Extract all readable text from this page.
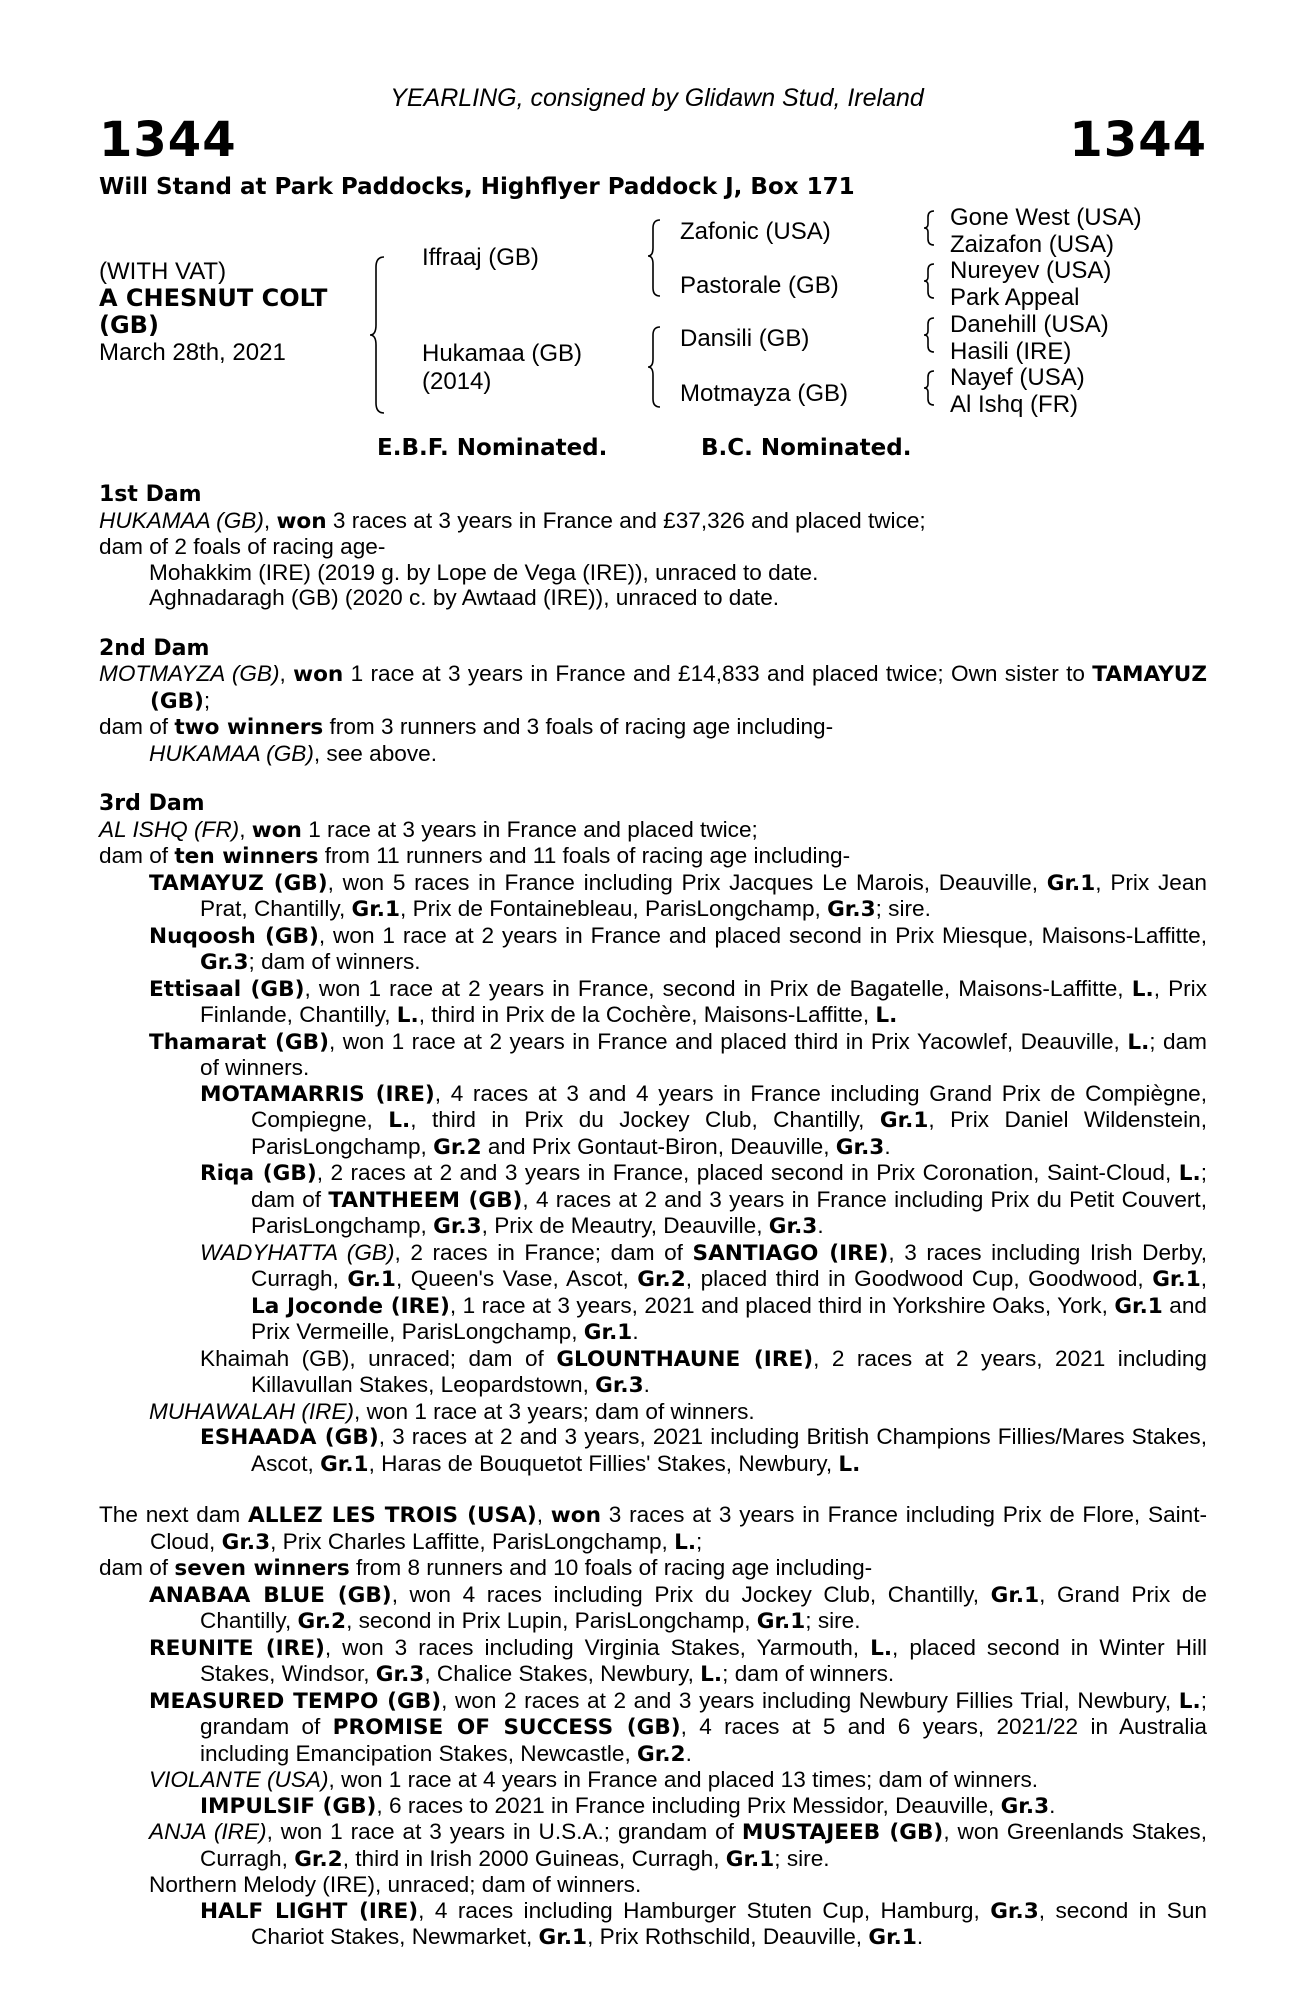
YEARLING, consigned by Glidawn Stud, Ireland
1344	1344
Will Stand at Park Paddocks, Highflyer Paddock J, Box 171
(WITH VAT)
A CHESNUT COLT
(GB)
March 28th, 2021
Iffraaj (GB)
Hukamaa (GB)
(2014)
Zafonic (USA)
Pastorale (GB)
Dansili (GB)
Motmayza (GB)
Gone West (USA)
Zaizafon (USA)
Nureyev (USA)
Park Appeal
Danehill (USA)
Hasili (IRE)
Nayef (USA)
Al Ishq (FR)
E.B.F. Nominated.	B.C. Nominated.

1st Dam

HUKAMAA (GB), won 3 races at 3 years in France and £37,326 and placed twice;

dam of 2 foals of racing age-

Mohakkim (IRE) (2019 g. by Lope de Vega (IRE)), unraced to date.

Aghnadaragh (GB) (2020 c. by Awtaad (IRE)), unraced to date.

2nd Dam

MOTMAYZA (GB), won 1 race at 3 years in France and £14,833 and placed twice; Own sister to TAMAYUZ (GB);

dam of two winners from 3 runners and 3 foals of racing age including-

HUKAMAA (GB), see above.

3rd Dam

AL ISHQ (FR), won 1 race at 3 years in France and placed twice;

dam of ten winners from 11 runners and 11 foals of racing age including-

TAMAYUZ (GB), won 5 races in France including Prix Jacques Le Marois, Deauville, Gr.1, Prix Jean Prat, Chantilly, Gr.1, Prix de Fontainebleau, ParisLongchamp, Gr.3; sire.

Nuqoosh (GB), won 1 race at 2 years in France and placed second in Prix Miesque, Maisons-Laffitte, Gr.3; dam of winners.

Ettisaal (GB), won 1 race at 2 years in France, second in Prix de Bagatelle, Maisons-Laffitte, L., Prix Finlande, Chantilly, L., third in Prix de la Cochère, Maisons-Laffitte, L.

Thamarat (GB), won 1 race at 2 years in France and placed third in Prix Yacowlef, Deauville, L.; dam of winners.

MOTAMARRIS (IRE), 4 races at 3 and 4 years in France including Grand Prix de Compiègne, Compiegne, L., third in Prix du Jockey Club, Chantilly, Gr.1, Prix Daniel Wildenstein, ParisLongchamp, Gr.2 and Prix Gontaut-Biron, Deauville, Gr.3.

Riqa (GB), 2 races at 2 and 3 years in France, placed second in Prix Coronation, Saint-Cloud, L.; dam of TANTHEEM (GB), 4 races at 2 and 3 years in France including Prix du Petit Couvert, ParisLongchamp, Gr.3, Prix de Meautry, Deauville, Gr.3.

WADYHATTA (GB), 2 races in France; dam of SANTIAGO (IRE), 3 races including Irish Derby, Curragh, Gr.1, Queen's Vase, Ascot, Gr.2, placed third in Goodwood Cup, Goodwood, Gr.1, La Joconde (IRE), 1 race at 3 years, 2021 and placed third in Yorkshire Oaks, York, Gr.1 and Prix Vermeille, ParisLongchamp, Gr.1.

Khaimah (GB), unraced; dam of GLOUNTHAUNE (IRE), 2 races at 2 years, 2021 including Killavullan Stakes, Leopardstown, Gr.3.

MUHAWALAH (IRE), won 1 race at 3 years; dam of winners.

ESHAADA (GB), 3 races at 2 and 3 years, 2021 including British Champions Fillies/Mares Stakes, Ascot, Gr.1, Haras de Bouquetot Fillies' Stakes, Newbury, L.

The next dam ALLEZ LES TROIS (USA), won 3 races at 3 years in France including Prix de Flore, Saint-Cloud, Gr.3, Prix Charles Laffitte, ParisLongchamp, L.;

dam of seven winners from 8 runners and 10 foals of racing age including-

ANABAA BLUE (GB), won 4 races including Prix du Jockey Club, Chantilly, Gr.1, Grand Prix de Chantilly, Gr.2, second in Prix Lupin, ParisLongchamp, Gr.1; sire.

REUNITE (IRE), won 3 races including Virginia Stakes, Yarmouth, L., placed second in Winter Hill Stakes, Windsor, Gr.3, Chalice Stakes, Newbury, L.; dam of winners.

MEASURED TEMPO (GB), won 2 races at 2 and 3 years including Newbury Fillies Trial, Newbury, L.; grandam of PROMISE OF SUCCESS (GB), 4 races at 5 and 6 years, 2021/22 in Australia including Emancipation Stakes, Newcastle, Gr.2.

VIOLANTE (USA), won 1 race at 4 years in France and placed 13 times; dam of winners.

IMPULSIF (GB), 6 races to 2021 in France including Prix Messidor, Deauville, Gr.3.

ANJA (IRE), won 1 race at 3 years in U.S.A.; grandam of MUSTAJEEB (GB), won Greenlands Stakes, Curragh, Gr.2, third in Irish 2000 Guineas, Curragh, Gr.1; sire.

Northern Melody (IRE), unraced; dam of winners.

HALF LIGHT (IRE), 4 races including Hamburger Stuten Cup, Hamburg, Gr.3, second in Sun Chariot Stakes, Newmarket, Gr.1, Prix Rothschild, Deauville, Gr.1.
